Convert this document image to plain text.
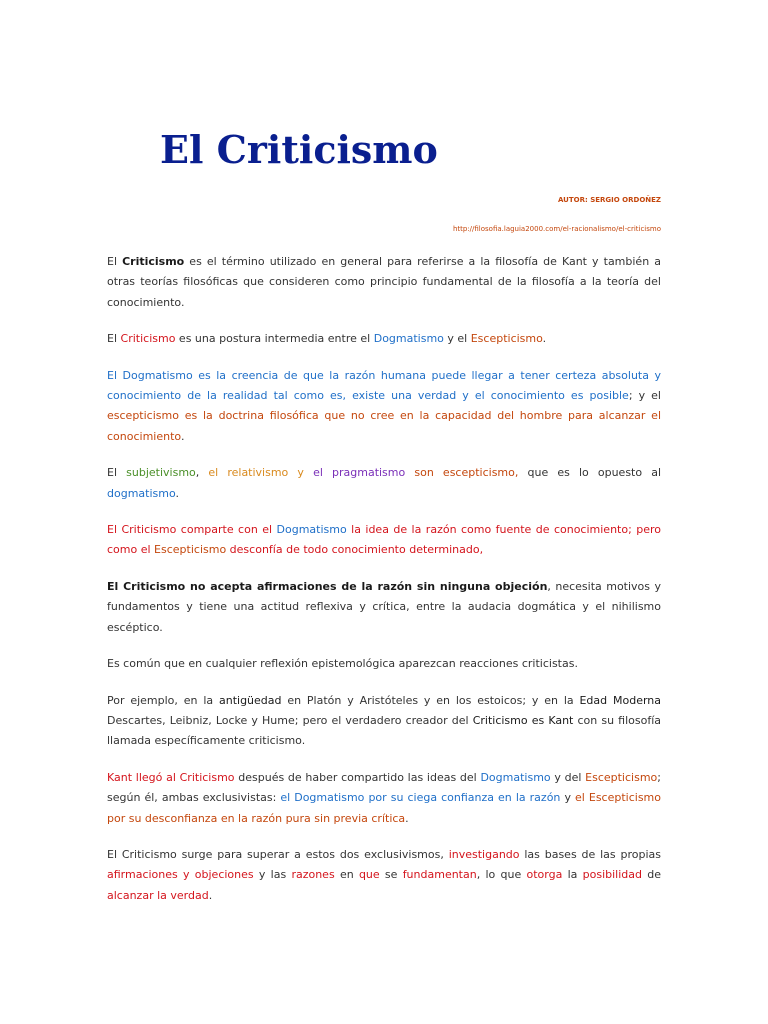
El Criticismo

AUTOR: SERGIO ORDOÑEZ

http://filosofia.laguia2000.com/el-racionalismo/el-criticismo

El Criticismo es el término utilizado en general para referirse a la filosofía de Kant y también a otras teorías filosóficas que consideren como principio fundamental de la filosofía a la teoría del conocimiento.

El Criticismo es una postura intermedia entre el Dogmatismo y el Escepticismo.

El Dogmatismo es la creencia de que la razón humana puede llegar a tener certeza absoluta y conocimiento de la realidad tal como es, existe una verdad y el conocimiento es posible; y el escepticismo es la doctrina filosófica que no cree en la capacidad del hombre para alcanzar el conocimiento.

El subjetivismo, el relativismo y el pragmatismo son escepticismo, que es lo opuesto al dogmatismo.

El Criticismo comparte con el Dogmatismo la idea de la razón como fuente de conocimiento; pero como el Escepticismo desconfía de todo conocimiento determinado,

El Criticismo no acepta afirmaciones de la razón sin ninguna objeción, necesita motivos y fundamentos y tiene una actitud reflexiva y crítica, entre la audacia dogmática y el nihilismo escéptico.

Es común que en cualquier reflexión epistemológica aparezcan reacciones criticistas.

Por ejemplo, en la antigüedad en Platón y Aristóteles y en los estoicos; y en la Edad Moderna Descartes, Leibniz, Locke y Hume; pero el verdadero creador del Criticismo es Kant con su filosofía llamada específicamente criticismo.

Kant llegó al Criticismo después de haber compartido las ideas del Dogmatismo y del Escepticismo; según él, ambas exclusivistas: el Dogmatismo por su ciega confianza en la razón y el Escepticismo por su desconfianza en la razón pura sin previa crítica.

El Criticismo surge para superar a estos dos exclusivismos, investigando las bases de las propias afirmaciones y objeciones y las razones en que se fundamentan, lo que otorga la posibilidad de alcanzar la verdad.
